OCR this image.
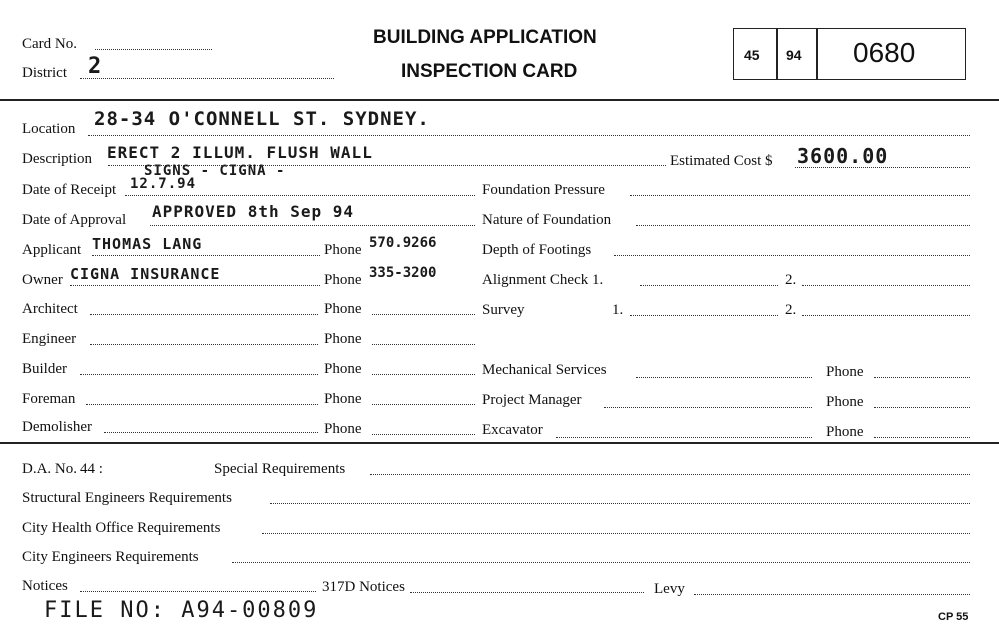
Card No.
District 2
BUILDING APPLICATION
INSPECTION CARD
45 94 0680
Location 28-34 O'CONNELL ST. SYDNEY.
Description ERECT 2 ILLUM. FLUSH WALL
SIGNS - CIGNA -
Estimated Cost $ 3600.00
Date of Receipt 12.7.94	Foundation Pressure
Date of Approval APPROVED 8th Sep 94	Nature of Foundation
Applicant THOMAS LANG	Phone 570.9266	Depth of Footings
Owner CIGNA INSURANCE	Phone 335-3200	Alignment Check 1.	2.
Architect	Phone	Survey	1.	2.
Engineer	Phone
Builder	Phone	Mechanical Services	Phone
Foreman	Phone	Project Manager	Phone
Demolisher	Phone	Excavator	Phone
D.A. No. 44 :	Special Requirements
Structural Engineers Requirements
City Health Office Requirements
City Engineers Requirements
Notices	317D Notices	Levy
FILE NO: A94-00809	CP 55
